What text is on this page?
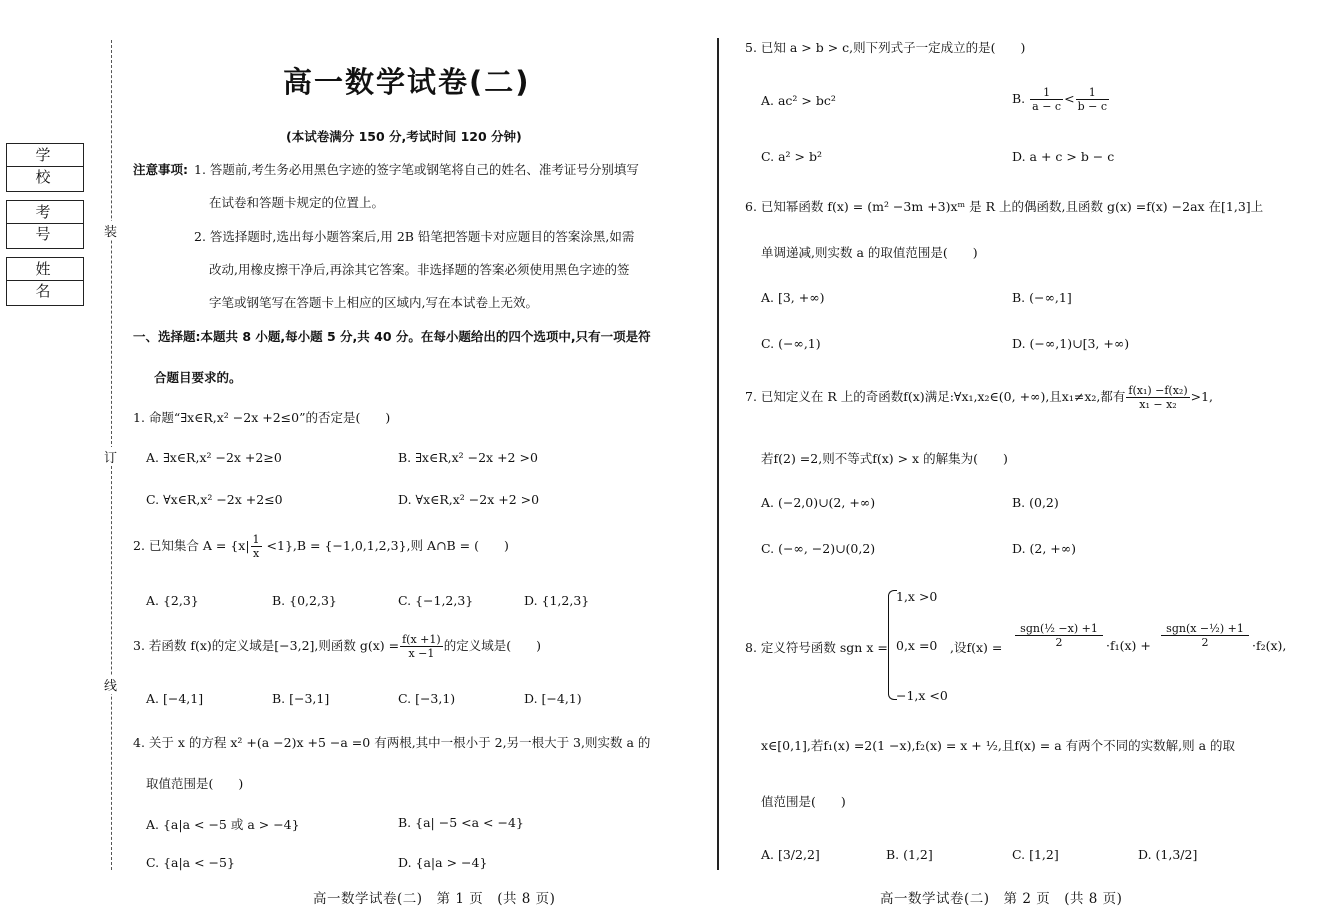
学 校
考 号
姓 名
装
订
线
高一数学试卷(二)
(本试卷满分 150 分,考试时间 120 分钟)
注意事项: 1. 答题前,考生务必用黑色字迹的签字笔或钢笔将自己的姓名、准考证号分别填写
在试卷和答题卡规定的位置上。
2. 答选择题时,选出每小题答案后,用 2B 铅笔把答题卡对应题目的答案涂黑,如需
改动,用橡皮擦干净后,再涂其它答案。非选择题的答案必须使用黑色字迹的签
字笔或钢笔写在答题卡上相应的区域内,写在本试卷上无效。
一、选择题:本题共 8 小题,每小题 5 分,共 40 分。在每小题给出的四个选项中,只有一项是符
合题目要求的。
1. 命题“∃x∈R,x² −2x +2≤0”的否定是(　　)
A. ∃x∈R,x² −2x +2≥0	B. ∃x∈R,x² −2x +2 >0
C. ∀x∈R,x² −2x +2≤0	D. ∀x∈R,x² −2x +2 >0
2. 已知集合 $A = \{x| \frac{1}{x} <1\},B = \{-1,0,1,2,3\}$,则 A∩B = (　　)
A. {2,3}	B. {0,2,3}	C. {−1,2,3}	D. {1,2,3}
3. 若函数 f(x)的定义域是[−3,2],则函数 $g(x) = \frac{f(x +1)}{x -1}$ 的定义域是(　　)
A. [−4,1]	B. [−3,1]	C. [−3,1)	D. [−4,1)
4. 关于 x 的方程 x² +(a −2)x +5 −a =0 有两根,其中一根小于 2,另一根大于 3,则实数 a 的
取值范围是(　　)
A. {a|a < −5 或 a > −4}	B. {a| −5 <a < −4}
C. {a|a < −5}	D. {a|a > −4}
高一数学试卷(二)　第 1 页　(共 8 页)
5. 已知 a > b > c,则下列式子一定成立的是(　　)
A. ac² > bc²	B. $\frac{1}{a - c} < \frac{1}{b - c}$
C. a² > b²	D. a + c > b − c
6. 已知幂函数 f(x) = (m² −3m +3)xᵐ 是 R 上的偶函数,且函数 g(x) =f(x) −2ax 在[1,3]上
单调递减,则实数 a 的取值范围是(　　)
A. [3, +∞)	B. (−∞,1]
C. (−∞,1)	D. (−∞,1)∪[3, +∞)
7. 已知定义在 R 上的奇函数f(x)满足:∀x₁,x₂∈(0, +∞),且x₁≠x₂,都有 $\frac{\text{f(x₁) −f(x₂)}}{\text{x₁ − x₂}} >1$,
若f(2) =2,则不等式f(x) > x 的解集为(　　)
A. (−2,0)∪(2, +∞)	B. (0,2)
C. (−∞, −2)∪(0,2)	D. (2, +∞)
8. 定义符号函数 sgn x =
1,x >0
0,x =0
−1,x <0
,设$f(x) = \frac{\text{sgn(½ −x) +1}}{2} \cdot f_1(x) + \frac{\text{sgn(x −½) +1}}{2} \cdot f_2(x)$,
x∈[0,1],若f₁(x) =2(1 −x),f₂(x) = x + ½,且f(x) = a 有两个不同的实数解,则 a 的取
值范围是(　　)
A. [3/2,2]	B. (1,2]	C. [1,2]	D. (1,3/2]
高一数学试卷(二)　第 2 页　(共 8 页)
